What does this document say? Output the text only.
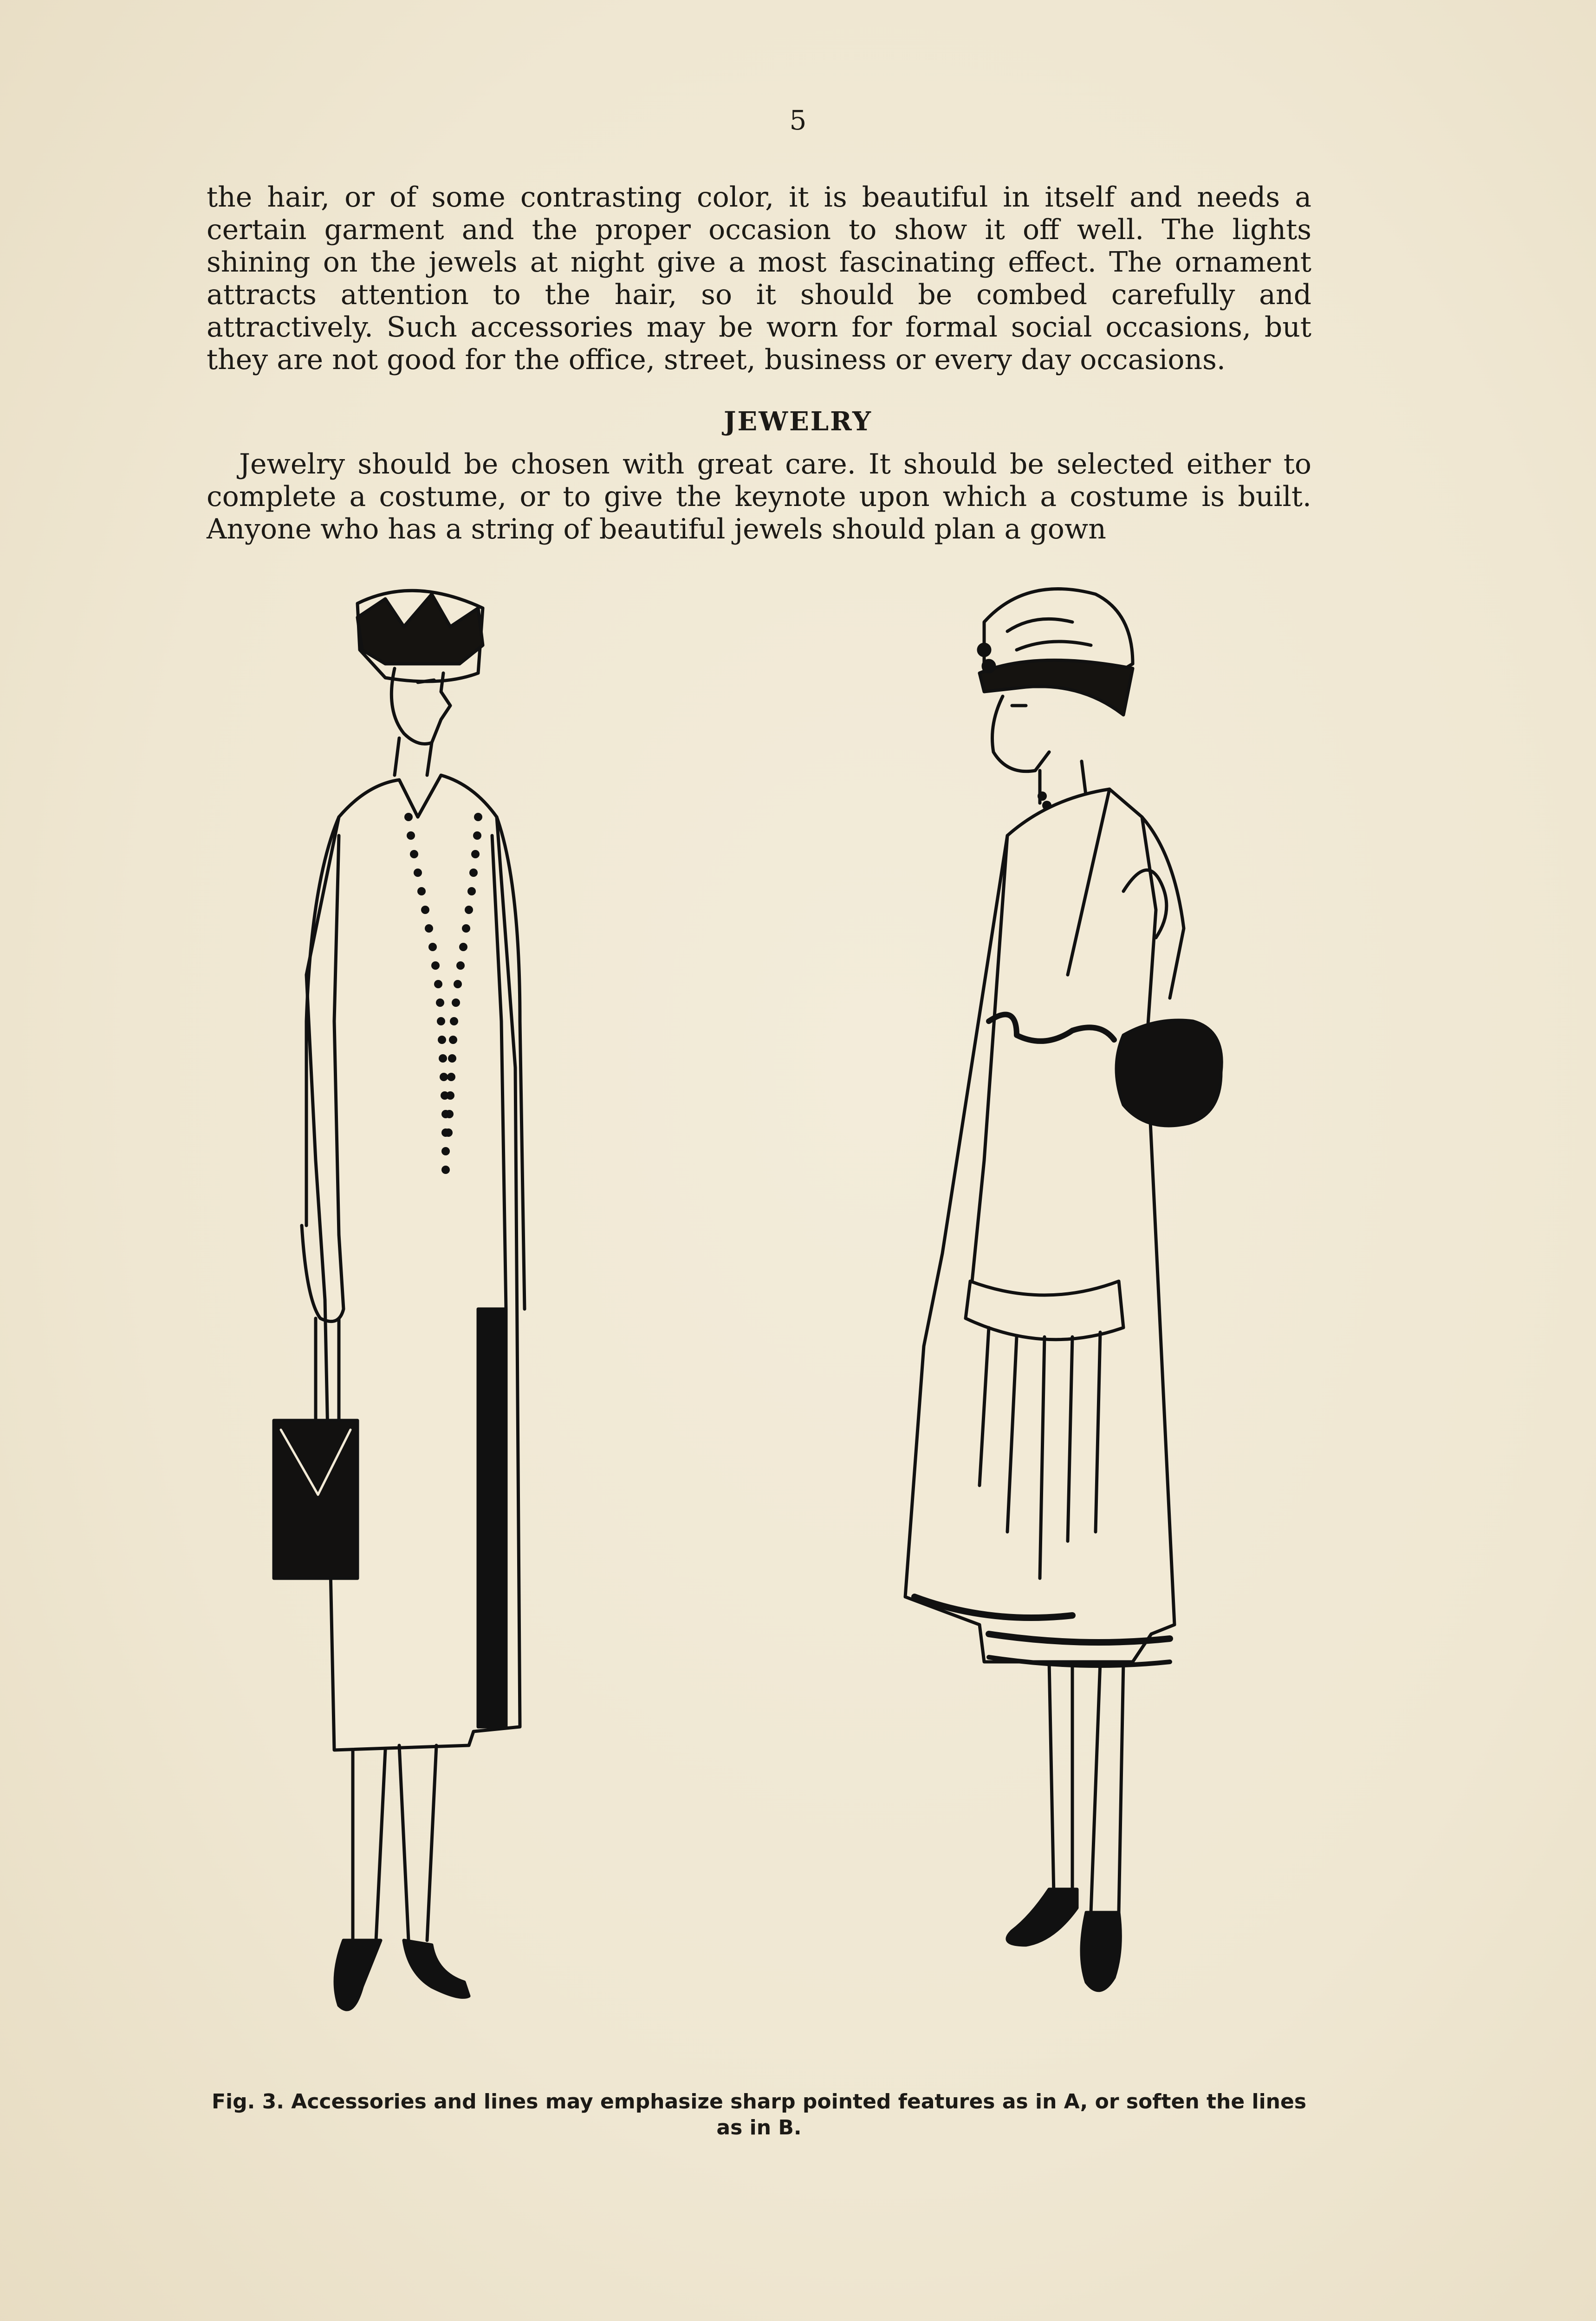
5

the hair, or of some contrasting color, it is beautiful in itself and needs a certain garment and the proper occasion to show it off well. The lights shining on the jewels at night give a most fascinating effect. The ornament attracts attention to the hair, so it should be combed carefully and attractively. Such accessories may be worn for formal social occasions, but they are not good for the office, street, business or every day occasions.

JEWELRY

Jewelry should be chosen with great care. It should be selected either to complete a costume, or to give the keynote upon which a costume is built. Anyone who has a string of beautiful jewels should plan a gown

Fig. 3. Accessories and lines may emphasize sharp pointed features as in A, or soften the lines as in B.
